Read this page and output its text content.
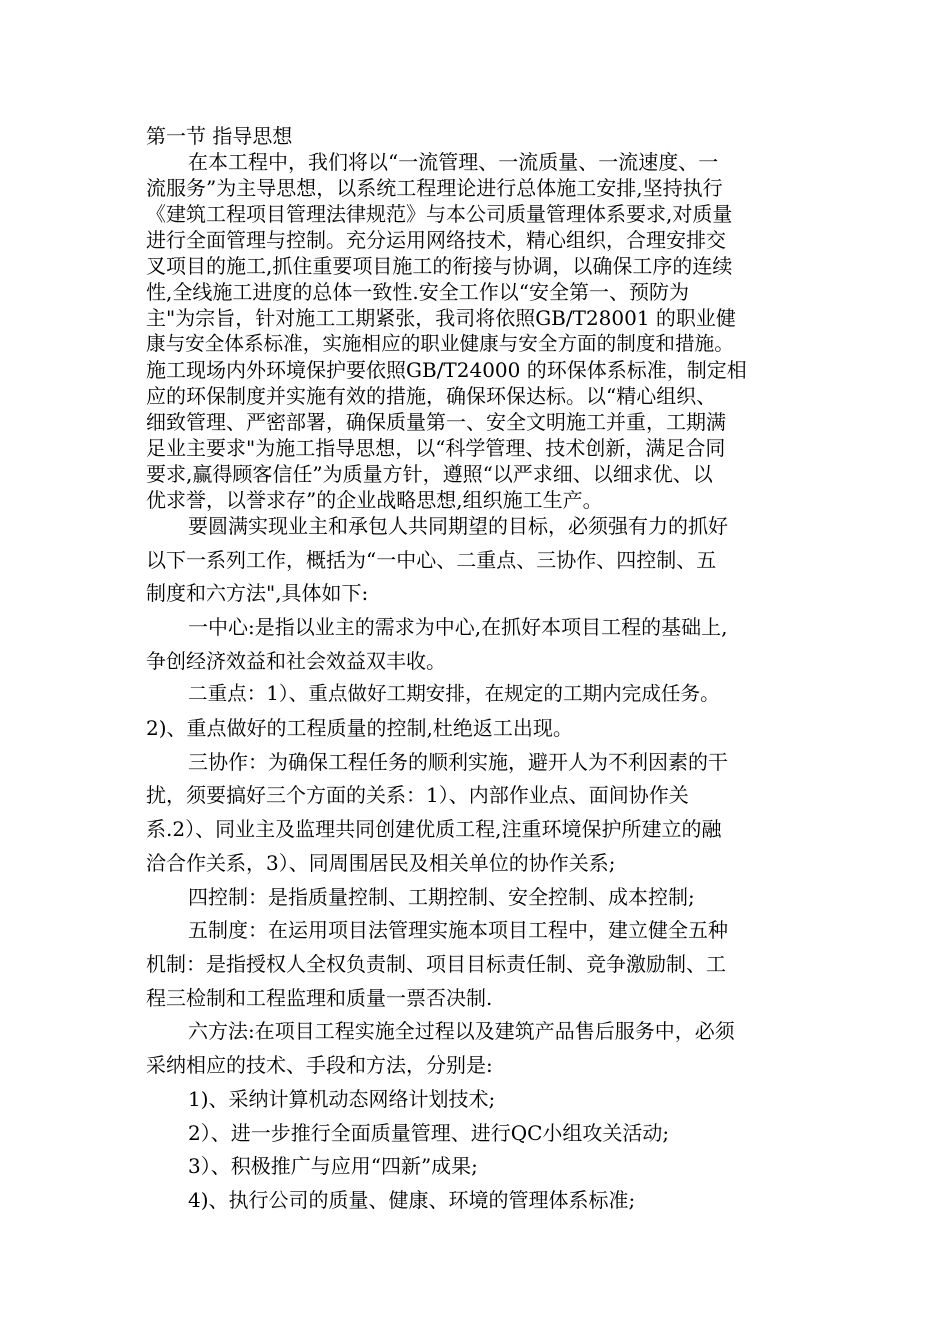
第一节 指导思想
在本工程中，我们将以“一流管理、一流质量、一流速度、一
流服务”为主导思想，以系统工程理论进行总体施工安排,坚持执行
《建筑工程项目管理法律规范》与本公司质量管理体系要求,对质量
进行全面管理与控制。充分运用网络技术，精心组织，合理安排交
叉项目的施工,抓住重要项目施工的衔接与协调，以确保工序的连续
性,全线施工进度的总体一致性.安全工作以“安全第一、预防为
主"为宗旨，针对施工工期紧张，我司将依照GB/T28001 的职业健
康与安全体系标准，实施相应的职业健康与安全方面的制度和措施。
施工现场内外环境保护要依照GB/T24000 的环保体系标准，制定相
应的环保制度并实施有效的措施，确保环保达标。以“精心组织、
细致管理、严密部署，确保质量第一、安全文明施工并重，工期满
足业主要求"为施工指导思想，以“科学管理、技术创新，满足合同
要求,赢得顾客信任”为质量方针，遵照“以严求细、以细求优、以
优求誉，以誉求存”的企业战略思想,组织施工生产。
要圆满实现业主和承包人共同期望的目标，必须强有力的抓好
以下一系列工作，概括为“一中心、二重点、三协作、四控制、五
制度和六方法",具体如下:
一中心:是指以业主的需求为中心,在抓好本项目工程的基础上,
争创经济效益和社会效益双丰收。
二重点：1）、重点做好工期安排，在规定的工期内完成任务。
2)、重点做好的工程质量的控制,杜绝返工出现。
三协作：为确保工程任务的顺利实施，避开人为不利因素的干
扰，须要搞好三个方面的关系：1）、内部作业点、面间协作关
系.2）、同业主及监理共同创建优质工程,注重环境保护所建立的融
洽合作关系，3）、同周围居民及相关单位的协作关系;
四控制：是指质量控制、工期控制、安全控制、成本控制;
五制度：在运用项目法管理实施本项目工程中，建立健全五种
机制：是指授权人全权负责制、项目目标责任制、竞争激励制、工
程三检制和工程监理和质量一票否决制.
六方法:在项目工程实施全过程以及建筑产品售后服务中，必须
采纳相应的技术、手段和方法，分别是:
1)、采纳计算机动态网络计划技术;
2）、进一步推行全面质量管理、进行QC小组攻关活动;
3）、积极推广与应用“四新”成果;
4)、执行公司的质量、健康、环境的管理体系标准;
